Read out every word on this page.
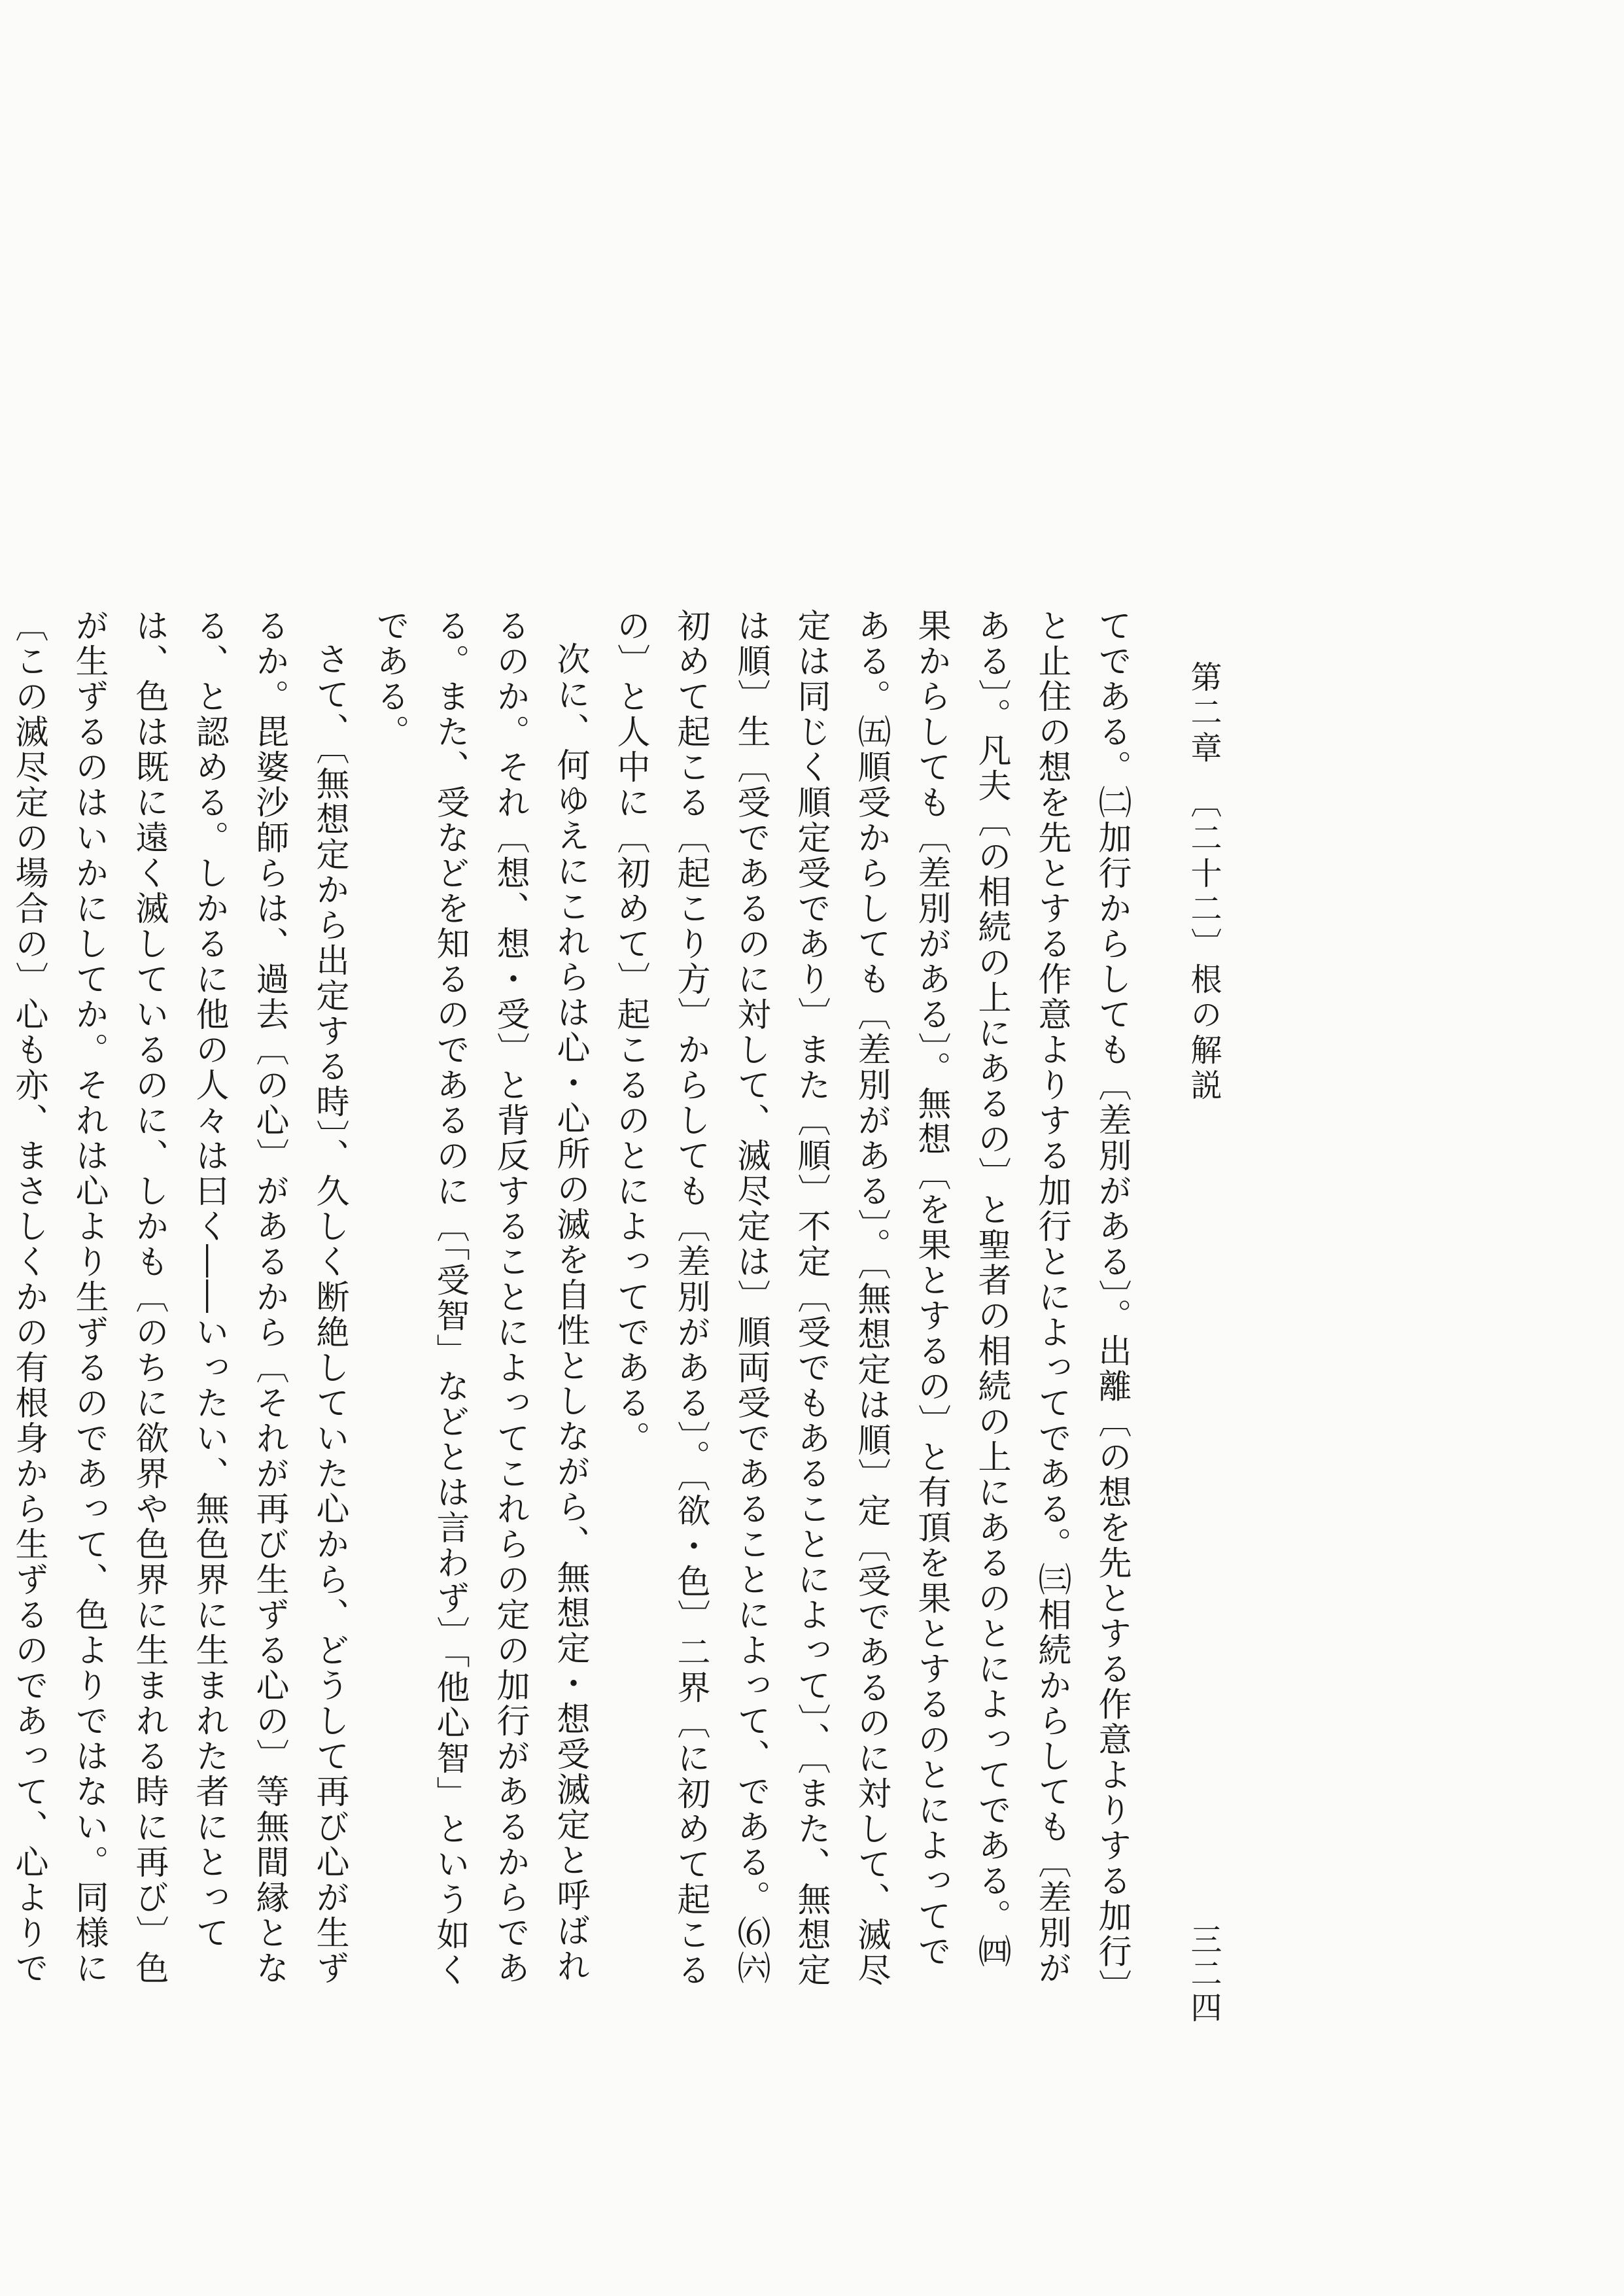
第二章　〔二十二〕根の解説
三二四

てである。㈡加行からしても〔差別がある〕。出離〔の想を先とする作意よりする加行〕と止住の想を先とする作意よりする加行とによってである。㈢相続からしても〔差別がある〕。凡夫〔の相続の上にあるの〕と聖者の相続の上にあるのとによってである。㈣果からしても〔差別がある〕。無想〔を果とするの〕と有頂を果とするのとによってである。㈤順受からしても〔差別がある〕。〔無想定は順〕定〔受であるのに対して、滅尽定は同じく順定受であり〕また〔順〕不定〔受でもあることによって〕、〔また、無想定は順〕生〔受であるのに対して、滅尽定は〕順両受であることによって、である。⑹㈥初めて起こる〔起こり方〕からしても〔差別がある〕。〔欲・色〕二界〔に初めて起こるの〕と人中に〔初めて〕起こるのとによってである。

次に、何ゆえにこれらは心・心所の滅を自性としながら、無想定・想受滅定と呼ばれるのか。それ〔想、想・受〕と背反することによってこれらの定の加行があるからである。また、受などを知るのであるのに〔「受智」などとは言わず〕「他心智」という如くである。

さて、〔無想定から出定する時〕、久しく断絶していた心から、どうして再び心が生ずるか。毘婆沙師らは、過去〔の心〕があるから〔それが再び生ずる心の〕等無間縁となる、と認める。しかるに他の人々は曰く――いったい、無色界に生まれた者にとっては、色は既に遠く滅しているのに、しかも〔のちに欲界や色界に生まれる時に再び〕色が生ずるのはいかにしてか。それは心より生ずるのであって、色よりではない。同様に〔この滅尽定の場合の〕心も亦、まさしくかの有根身から生ずるのであって、心よりで
